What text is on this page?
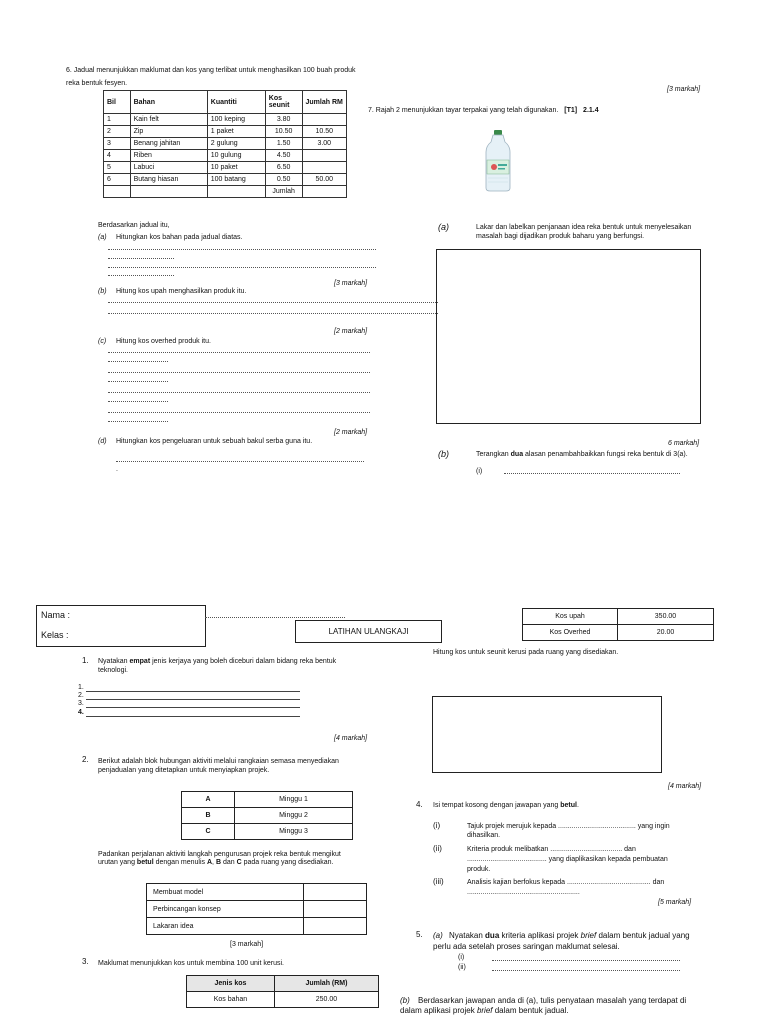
6. Jadual menunjukkan maklumat dan kos yang terlibat untuk menghasilkan 100 buah produk
reka bentuk fesyen.
[3 markah]
Bil	Bahan	Kuantiti	Kos seunit	Jumlah RM
1	Kain felt	100 keping	3.80	
2	Zip	1 paket	10.50	10.50
3	Benang jahitan	2 gulung	1.50	3.00
4	Riben	10 gulung	4.50	
5	Labuci	10 paket	6.50	
6	Butang hiasan	100 batang	0.50	50.00
			Jumlah	
Berdasarkan jadual itu,
(a) Hitungkan kos bahan pada jadual diatas.
[3 markah]
(b) Hitung kos upah menghasilkan produk itu.
[2 markah]
(c) Hitung kos overhed produk itu.
[2 markah]
(d) Hitungkan kos pengeluaran untuk sebuah bakul serba guna itu.
.
7. Rajah 2 menunjukkan tayar terpakai yang telah digunakan. [T1] 2.1.4
(a)	Lakar dan labelkan penjanaan idea reka bentuk untuk menyelesaikan
masalah bagi dijadikan produk baharu yang berfungsi.
6 markah]
(b)	Terangkan dua alasan penambahbaikkan fungsi reka bentuk di 3(a).
(i)
Nama :
Kelas :	LATIHAN ULANGKAJI
Kos upah	350.00
Kos Overhed	20.00
Hitung kos untuk seunit kerusi pada ruang yang disediakan.
[4 markah]
1. Nyatakan empat jenis kerjaya yang boleh diceburi dalam bidang reka bentuk
teknologi.
1.
2.
3.
4.
[4 markah]
2. Berikut adalah blok hubungan aktiviti melalui rangkaian semasa menyediakan
penjadualan yang ditetapkan untuk menyiapkan projek.
A	Minggu 1
B	Minggu 2
C	Minggu 3
Padankan perjalanan aktiviti langkah pengurusan projek reka bentuk mengikut
urutan yang betul dengan menulis A, B dan C pada ruang yang disediakan.
Membuat model	
Perbincangan konsep	
Lakaran idea	
[3 markah]
3. Maklumat menunjukkan kos untuk membina 100 unit kerusi.
Jenis kos	Jumlah (RM)
Kos bahan	250.00
4. Isi tempat kosong dengan jawapan yang betul.
(i)	Tajuk projek merujuk kepada ........................................ yang ingin
dihasilkan.
(ii)	Kriteria produk melibatkan ..................................... dan
......................................... yang diaplikasikan kepada pembuatan
produk.
(iii)	Analisis kajian berfokus kepada ........................................... dan
..........................................................
[5 markah]
5. (a) Nyatakan dua kriteria aplikasi projek brief dalam bentuk jadual yang
perlu ada setelah proses saringan maklumat selesai.
(i)
(ii)
(b) Berdasarkan jawapan anda di (a), tulis penyataan masalah yang terdapat di
dalam aplikasi projek brief dalam bentuk jadual.
